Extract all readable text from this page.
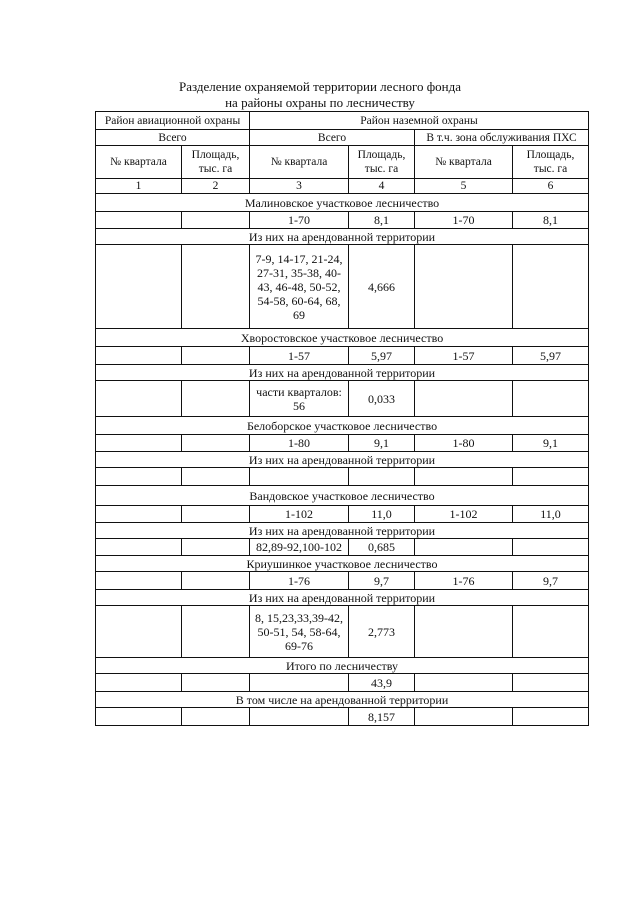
Разделение охраняемой территории лесного фонда
на районы охраны по лесничеству
Район авиационной охраны		Район наземной охраны			
Всего		Всего		В т.ч. зона обслуживания ПХС	
№ квартала	Площадь, тыс. га	№ квартала	Площадь, тыс. га	№ квартала	Площадь, тыс. га
1	2	3	4	5	6
Малиновское участковое лесничество					
		1-70	8,1	1-70	8,1
Из них на арендованной территории					
		7-9, 14-17, 21-24, 27-31, 35-38, 40-43, 46-48, 50-52, 54-58, 60-64, 68, 69	4,666		
Хворостовское участковое лесничество					
		1-57	5,97	1-57	5,97
Из них на арендованной территории					
		части кварталов: 56	0,033		
Белоборское участковое лесничество					
		1-80	9,1	1-80	9,1
Из них на арендованной территории					

Вандовское участковое лесничество					
		1-102	11,0	1-102	11,0
Из них на арендованной территории					
		82,89-92,100-102	0,685		
Криушинкое участковое лесничество					
		1-76	9,7	1-76	9,7
Из них на арендованной территории					
		8, 15,23,33,39-42, 50-51, 54, 58-64, 69-76	2,773		
Итого по лесничеству					
			43,9		
В том числе на арендованной территории					
			8,157		
